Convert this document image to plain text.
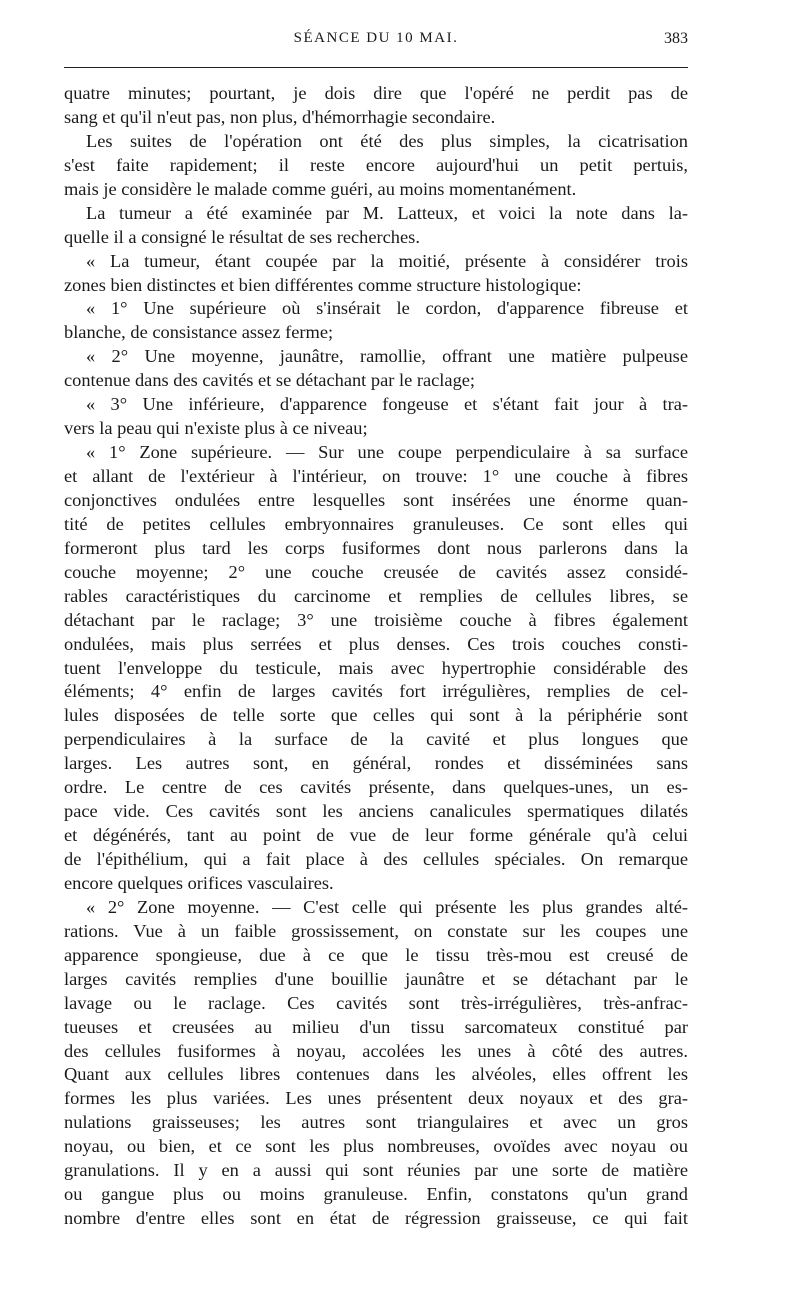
SÉANCE DU 10 MAI.	383
quatre minutes; pourtant, je dois dire que l'opéré ne perdit pas de
sang et qu'il n'eut pas, non plus, d'hémorrhagie secondaire.
Les suites de l'opération ont été des plus simples, la cicatrisation
s'est faite rapidement; il reste encore aujourd'hui un petit pertuis,
mais je considère le malade comme guéri, au moins momentanément.
La tumeur a été examinée par M. Latteux, et voici la note dans la-
quelle il a consigné le résultat de ses recherches.
« La tumeur, étant coupée par la moitié, présente à considérer trois
zones bien distinctes et bien différentes comme structure histologique:
« 1° Une supérieure où s'insérait le cordon, d'apparence fibreuse et
blanche, de consistance assez ferme;
« 2° Une moyenne, jaunâtre, ramollie, offrant une matière pulpeuse
contenue dans des cavités et se détachant par le raclage;
« 3° Une inférieure, d'apparence fongeuse et s'étant fait jour à tra-
vers la peau qui n'existe plus à ce niveau;
« 1° Zone supérieure. — Sur une coupe perpendiculaire à sa surface
et allant de l'extérieur à l'intérieur, on trouve: 1° une couche à fibres
conjonctives ondulées entre lesquelles sont insérées une énorme quan-
tité de petites cellules embryonnaires granuleuses. Ce sont elles qui
formeront plus tard les corps fusiformes dont nous parlerons dans la
couche moyenne; 2° une couche creusée de cavités assez considé-
rables caractéristiques du carcinome et remplies de cellules libres, se
détachant par le raclage; 3° une troisième couche à fibres également
ondulées, mais plus serrées et plus denses. Ces trois couches consti-
tuent l'enveloppe du testicule, mais avec hypertrophie considérable des
éléments; 4° enfin de larges cavités fort irrégulières, remplies de cel-
lules disposées de telle sorte que celles qui sont à la périphérie sont
perpendiculaires à la surface de la cavité et plus longues que
larges. Les autres sont, en général, rondes et disséminées sans
ordre. Le centre de ces cavités présente, dans quelques-unes, un es-
pace vide. Ces cavités sont les anciens canalicules spermatiques dilatés
et dégénérés, tant au point de vue de leur forme générale qu'à celui
de l'épithélium, qui a fait place à des cellules spéciales. On remarque
encore quelques orifices vasculaires.
« 2° Zone moyenne. — C'est celle qui présente les plus grandes alté-
rations. Vue à un faible grossissement, on constate sur les coupes une
apparence spongieuse, due à ce que le tissu très-mou est creusé de
larges cavités remplies d'une bouillie jaunâtre et se détachant par le
lavage ou le raclage. Ces cavités sont très-irrégulières, très-anfrac-
tueuses et creusées au milieu d'un tissu sarcomateux constitué par
des cellules fusiformes à noyau, accolées les unes à côté des autres.
Quant aux cellules libres contenues dans les alvéoles, elles offrent les
formes les plus variées. Les unes présentent deux noyaux et des gra-
nulations graisseuses; les autres sont triangulaires et avec un gros
noyau, ou bien, et ce sont les plus nombreuses, ovoïdes avec noyau ou
granulations. Il y en a aussi qui sont réunies par une sorte de matière
ou gangue plus ou moins granuleuse. Enfin, constatons qu'un grand
nombre d'entre elles sont en état de régression graisseuse, ce qui fait
